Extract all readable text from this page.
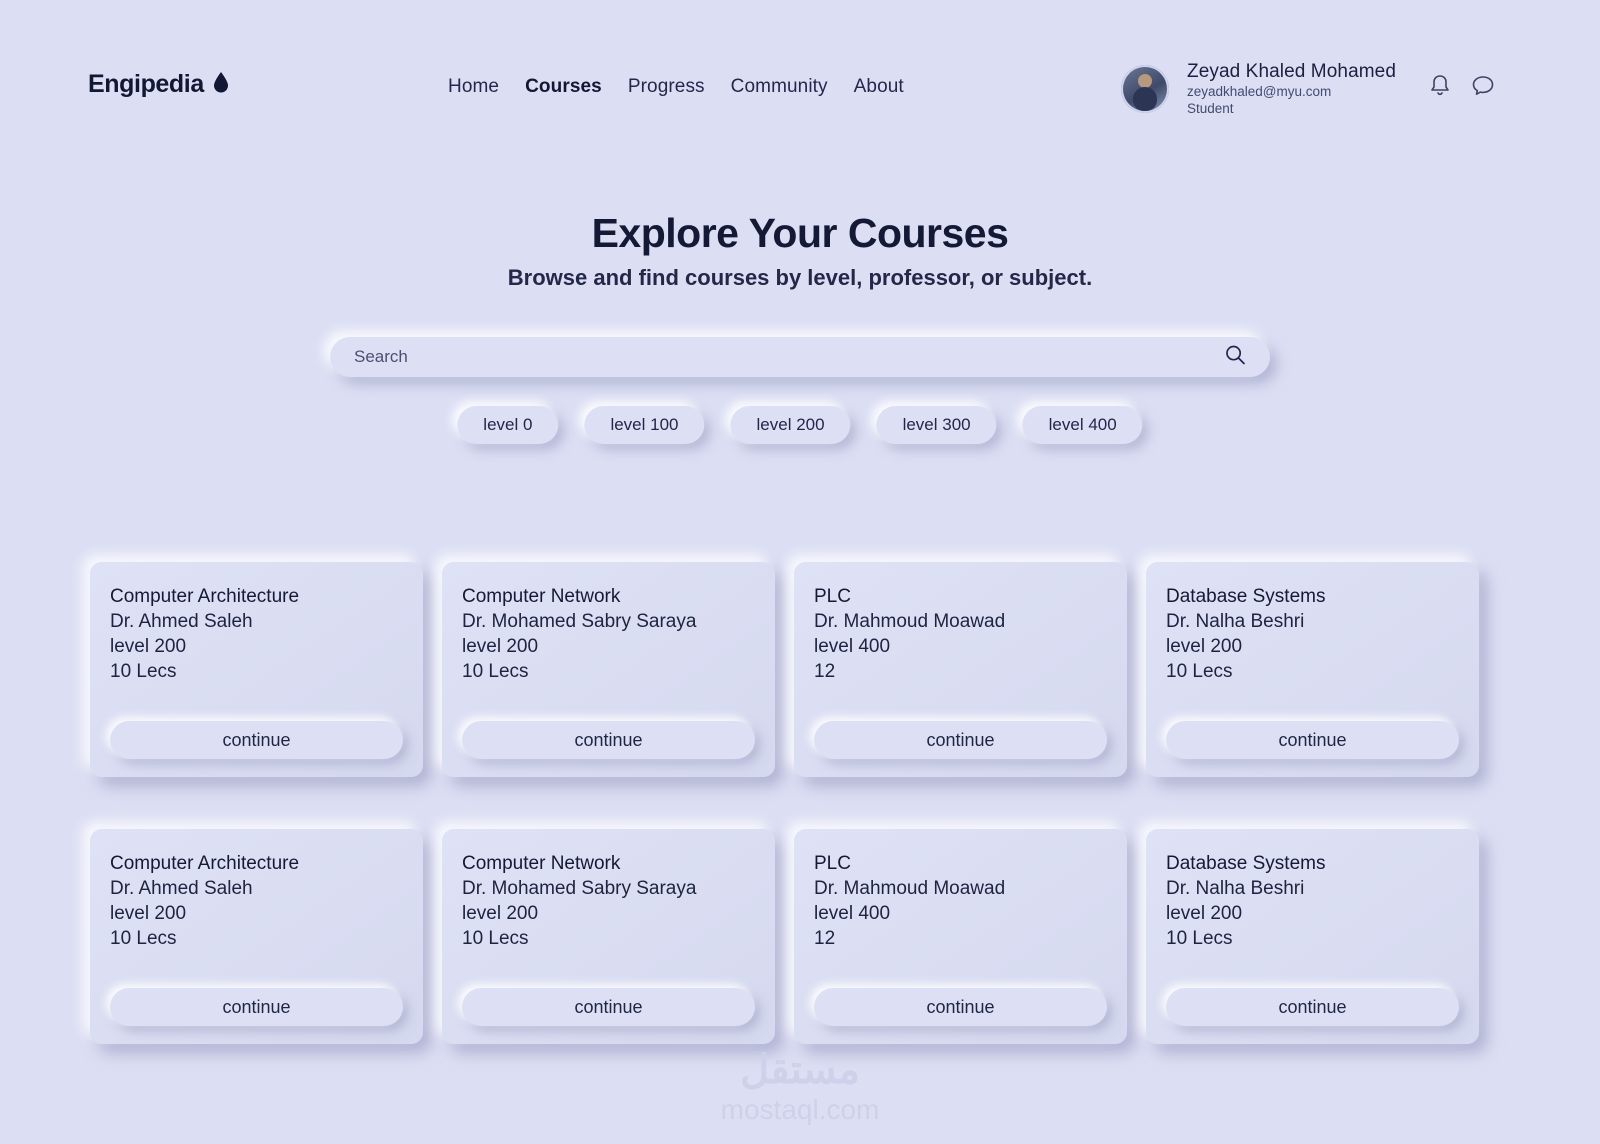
Engipedia	Home Courses Progress Community About
Zeyad Khaled Mohamed
zeyadkhaled@myu.com
Student
Explore Your Courses

Browse and find courses by level, professor, or subject.

Search
level 0	level 100	level 200	level 300	level 400
Computer Architecture
Dr. Ahmed Saleh
level 200
10 Lecs
continue
Computer Network
Dr. Mohamed Sabry Saraya
level 200
10 Lecs
continue
PLC
Dr. Mahmoud Moawad
level 400
12
continue
Database Systems
Dr. Nalha Beshri
level 200
10 Lecs
continue
Computer Architecture
Dr. Ahmed Saleh
level 200
10 Lecs
continue
Computer Network
Dr. Mohamed Sabry Saraya
level 200
10 Lecs
continue
PLC
Dr. Mahmoud Moawad
level 400
12
continue
Database Systems
Dr. Nalha Beshri
level 200
10 Lecs
continue
مستقل
mostaql.com
